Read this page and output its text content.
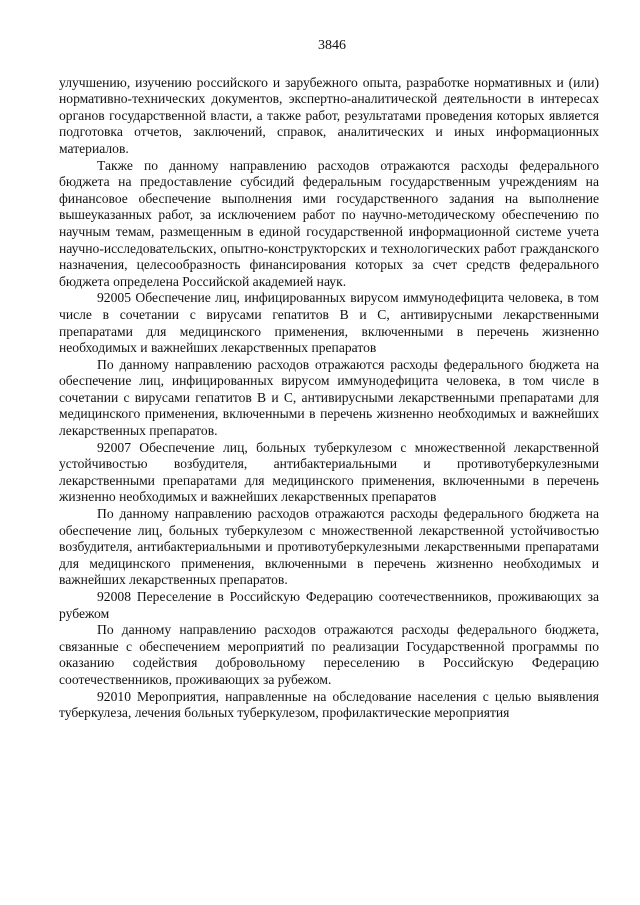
3846

улучшению, изучению российского и зарубежного опыта, разработке нормативных и (или) нормативно-технических документов, экспертно-аналитической деятельности в интересах органов государственной власти, а также работ, результатами проведения которых является подготовка отчетов, заключений, справок, аналитических и иных информационных материалов.

Также по данному направлению расходов отражаются расходы федерального бюджета на предоставление субсидий федеральным государственным учреждениям на финансовое обеспечение выполнения ими государственного задания на выполнение вышеуказанных работ, за исключением работ по научно-методическому обеспечению по научным темам, размещенным в единой государственной информационной системе учета научно-исследовательских, опытно-конструкторских и технологических работ гражданского назначения, целесообразность финансирования которых за счет средств федерального бюджета определена Российской академией наук.

92005 Обеспечение лиц, инфицированных вирусом иммунодефицита человека, в том числе в сочетании с вирусами гепатитов B и C, антивирусными лекарственными препаратами для медицинского применения, включенными в перечень жизненно необходимых и важнейших лекарственных препаратов

По данному направлению расходов отражаются расходы федерального бюджета на обеспечение лиц, инфицированных вирусом иммунодефицита человека, в том числе в сочетании с вирусами гепатитов B и C, антивирусными лекарственными препаратами для медицинского применения, включенными в перечень жизненно необходимых и важнейших лекарственных препаратов.

92007 Обеспечение лиц, больных туберкулезом с множественной лекарственной устойчивостью возбудителя, антибактериальными и противотуберкулезными лекарственными препаратами для медицинского применения, включенными в перечень жизненно необходимых и важнейших лекарственных препаратов

По данному направлению расходов отражаются расходы федерального бюджета на обеспечение лиц, больных туберкулезом с множественной лекарственной устойчивостью возбудителя, антибактериальными и противотуберкулезными лекарственными препаратами для медицинского применения, включенными в перечень жизненно необходимых и важнейших лекарственных препаратов.

92008 Переселение в Российскую Федерацию соотечественников, проживающих за рубежом

По данному направлению расходов отражаются расходы федерального бюджета, связанные с обеспечением мероприятий по реализации Государственной программы по оказанию содействия добровольному переселению в Российскую Федерацию соотечественников, проживающих за рубежом.

92010 Мероприятия, направленные на обследование населения с целью выявления туберкулеза, лечения больных туберкулезом, профилактические мероприятия
